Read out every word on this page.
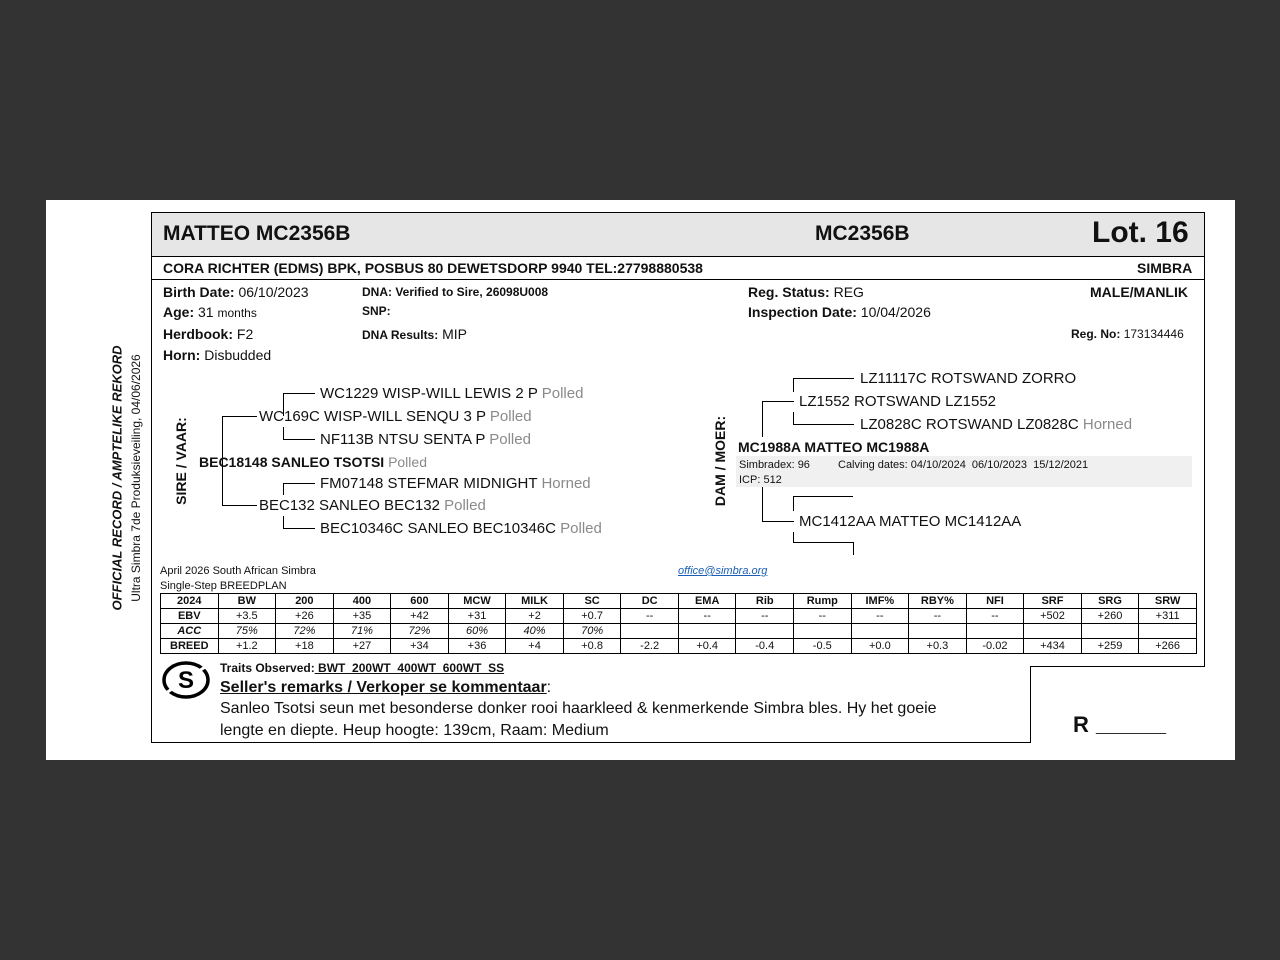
OFFICIAL RECORD / AMPTELIKE REKORD Ultra Simbra 7de Produksieveiling, 04/06/2026
MATTEO MC2356B	MC2356B	Lot. 16
CORA RICHTER (EDMS) BPK, POSBUS 80 DEWETSDORP 9940 TEL:27798880538	SIMBRA
Birth Date: 06/10/2023
Age: 31 months
Herdbook: F2
Horn: Disbudded
DNA: Verified to Sire, 26098U008
SNP:
DNA Results: MIP
Reg. Status: REG
Inspection Date: 10/04/2026
MALE/MANLIK
Reg. No: 173134446
SIRE / VAAR:
WC1229 WISP-WILL LEWIS 2 P Polled
WC169C WISP-WILL SENQU 3 P Polled
NF113B NTSU SENTA P Polled
BEC18148 SANLEO TSOTSI Polled
FM07148 STEFMAR MIDNIGHT Horned
BEC132 SANLEO BEC132 Polled
BEC10346C SANLEO BEC10346C Polled
DAM / MOER:
LZ11117C ROTSWAND ZORRO
LZ1552 ROTSWAND LZ1552
LZ0828C ROTSWAND LZ0828C Horned
MC1988A MATTEO MC1988A
Simbradex: 96	Calving dates: 04/10/2024  06/10/2023  15/12/2021
ICP: 512
MC1412AA MATTEO MC1412AA
April 2026 South African Simbra
Single-Step BREEDPLAN
office@simbra.org
2024	BW	200	400	600	MCW	MILK	SC	DC	EMA	Rib	Rump	IMF%	RBY%	NFI	SRF	SRG	SRW
EBV	+3.5	+26	+35	+42	+31	+2	+0.7	--	--	--	--	--	--	--	+502	+260	+311
ACC	75%	72%	71%	72%	60%	40%	70%										
BREED	+1.2	+18	+27	+34	+36	+4	+0.8	-2.2	+0.4	-0.4	-0.5	+0.0	+0.3	-0.02	+434	+259	+266
S Traits Observed: BWT  200WT  400WT  600WT  SS
Seller's remarks / Verkoper se kommentaar:
Sanleo Tsotsi seun met besonderse donker rooi haarkleed & kenmerkende Simbra bles. Hy het goeie
lengte en diepte. Heup hoogte: 139cm, Raam: Medium	R _________
